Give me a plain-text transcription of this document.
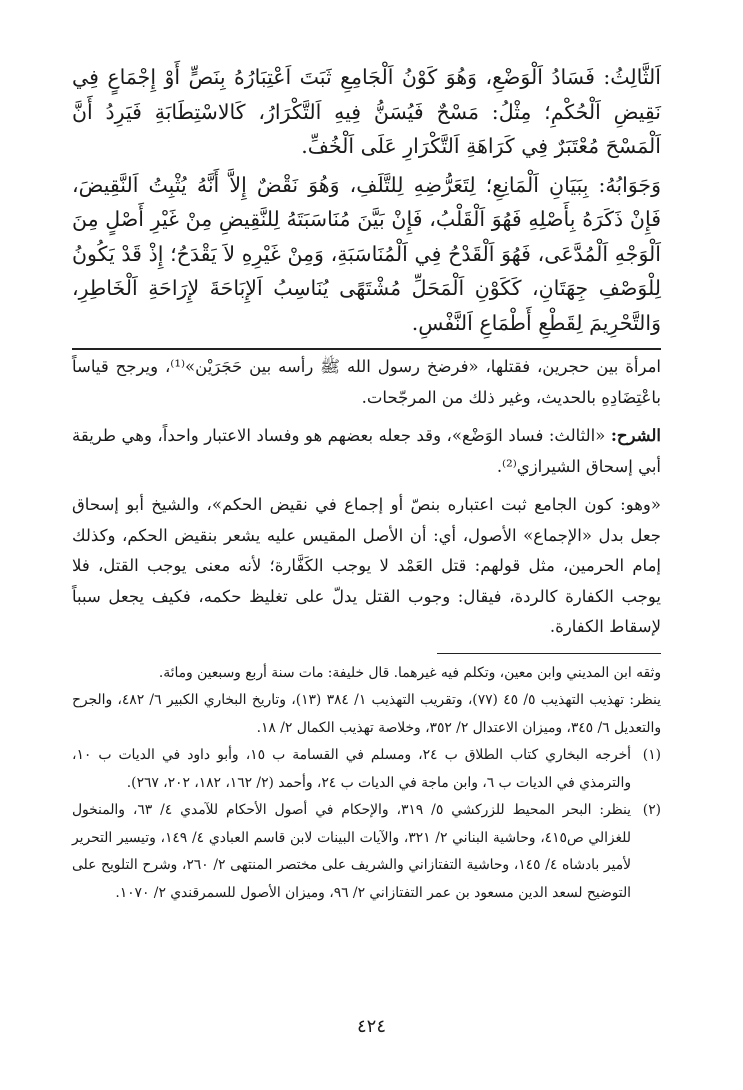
اَلثَّالِثُ: فَسَادُ اَلْوَضْعِ، وَهُوَ كَوْنُ اَلْجَامِعِ ثَبَتَ اَعْتِبَارُهُ بِنَصٍّ أَوْ إِجْمَاعٍ فِي نَقِيضِ اَلْحُكْمِ؛ مِثْلُ: مَسْحٌ فَيُسَنُّ فِيهِ اَلتَّكْرَارُ، كَالاسْتِطَابَةِ فَيَرِدُ أَنَّ اَلْمَسْحَ مُعْتَبَرٌ فِي كَرَاهَةِ اَلتَّكْرَارِ عَلَى اَلْخُفِّ.

وَجَوَابُهُ: بِبَيَانِ اَلْمَانِعِ؛ لِتَعَرُّضِهِ لِلتَّلَفِ، وَهُوَ نَقْضٌ إِلاَّ أَنَّهُ يُثْبِتُ اَلنَّقِيضَ، فَإِنْ ذَكَرَهُ بِأَصْلِهِ فَهُوَ اَلْقَلْبُ، فَإِنْ بَيَّنَ مُنَاسَبَتَهُ لِلنَّقِيضِ مِنْ غَيْرِ أَصْلٍ مِنَ اَلْوَجْهِ اَلْمُدَّعَى، فَهُوَ اَلْقَدْحُ فِي اَلْمُنَاسَبَةِ، وَمِنْ غَيْرِهِ لاَ يَقْدَحُ؛ إِذْ قَدْ يَكُونُ لِلْوَصْفِ جِهَتَانِ، كَكَوْنِ اَلْمَحَلِّ مُشْتَهًى يُنَاسِبُ اَلإِبَاحَةَ لإِرَاحَةِ اَلْخَاطِرِ، وَالتَّحْرِيمَ لِقَطْعِ أَطْمَاعِ اَلنَّفْسِ.

امرأة بين حجرين، فقتلها، «فرضخ رسول الله ﷺ رأسه بين حَجَرَيْن»⁽¹⁾، ويرجح قياساً باعْتِضَادِهِ بالحديث، وغير ذلك من المرجّحات.

الشرح: «الثالث: فساد الوَضْع»، وقد جعله بعضهم هو وفساد الاعتبار واحداً، وهي طريقة أبي إسحاق الشيرازي⁽²⁾.

«وهو: كون الجامع ثبت اعتباره بنصّ أو إجماع في نقيض الحكم»، والشيخ أبو إسحاق جعل بدل «الإجماع» الأصول، أي: أن الأصل المقيس عليه يشعر بنقيض الحكم، وكذلك إمام الحرمين، مثل قولهم: قتل العَمْد لا يوجب الكَفَّارة؛ لأنه معنى يوجب القتل، فلا يوجب الكفارة كالردة، فيقال: وجوب القتل يدلّ على تغليظ حكمه، فكيف يجعل سبباً لإسقاط الكفارة.

وثقه ابن المديني وابن معين، وتكلم فيه غيرهما. قال خليفة: مات سنة أربع وسبعين ومائة.

ينظر: تهذيب التهذيب ٥/ ٤٥ (٧٧)، وتقريب التهذيب ١/ ٣٨٤ (١٣)، وتاريخ البخاري الكبير ٦/ ٤٨٢، والجرح والتعديل ٦/ ٣٤٥، وميزان الاعتدال ٢/ ٣٥٢، وخلاصة تهذيب الكمال ٢/ ١٨.

(١)
أخرجه البخاري كتاب الطلاق ب ٢٤، ومسلم في القسامة ب ١٥، وأبو داود في الديات ب ١٠، والترمذي في الديات ب ٦، وابن ماجة في الديات ب ٢٤، وأحمد (٢/ ١٦٢، ١٨٢، ٢٠٢، ٢٦٧).
(٢)
ينظر: البحر المحيط للزركشي ٥/ ٣١٩، والإحكام في أصول الأحكام للآمدي ٤/ ٦٣، والمنخول للغزالي ص٤١٥، وحاشية البناني ٢/ ٣٢١، والآيات البينات لابن قاسم العبادي ٤/ ١٤٩، وتيسير التحرير لأمير بادشاه ٤/ ١٤٥، وحاشية التفتازاني والشريف على مختصر المنتهى ٢/ ٢٦٠، وشرح التلويح على التوضيح لسعد الدين مسعود بن عمر التفتازاني ٢/ ٩٦، وميزان الأصول للسمرقندي ٢/ ١٠٧٠.
٤٢٤
